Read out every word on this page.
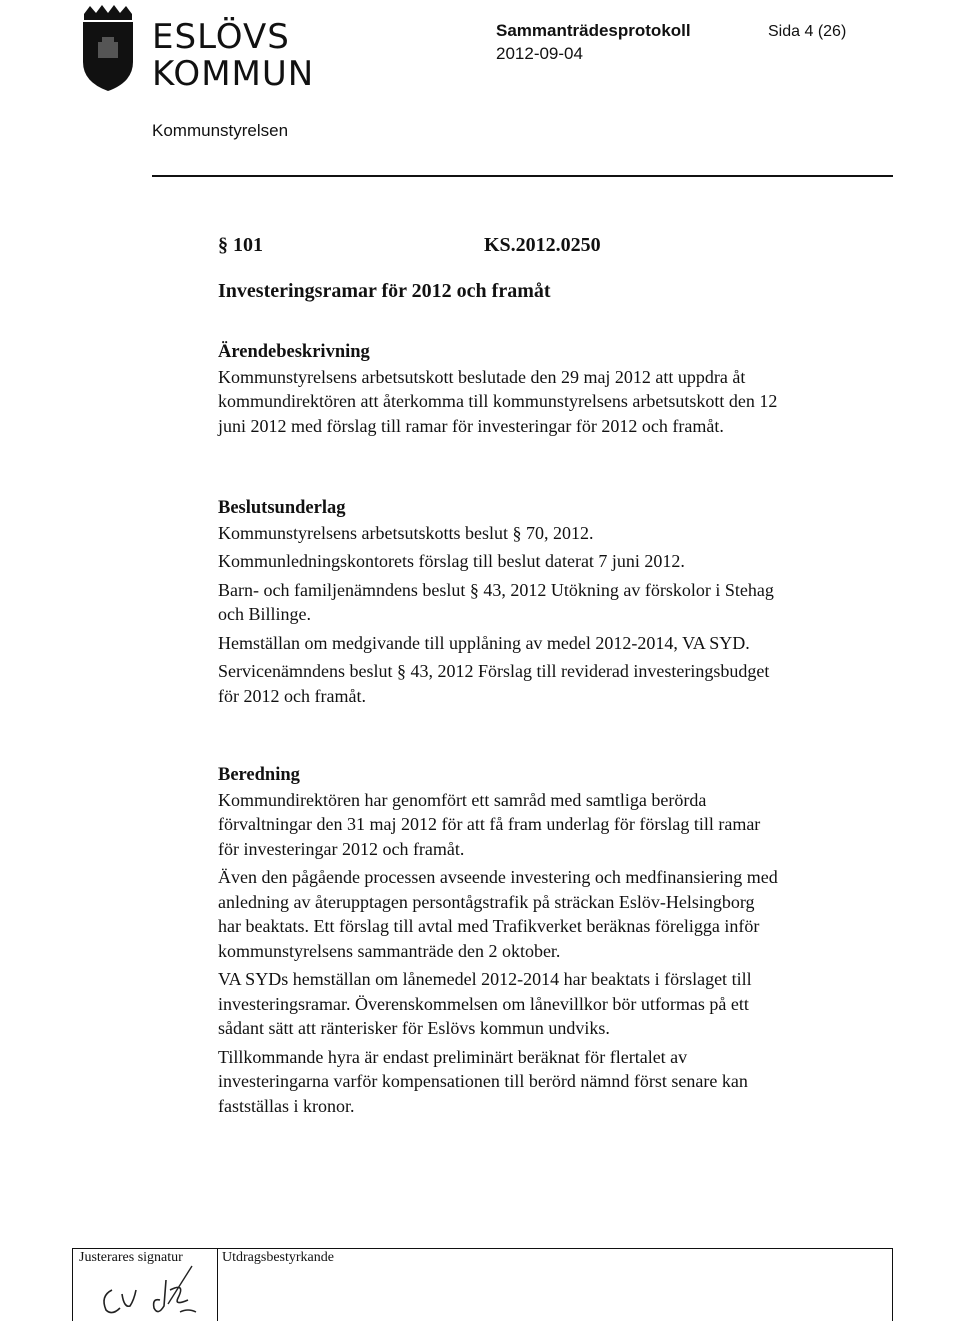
ESLÖVS
KOMMUN
Sammanträdesprotokoll
2012-09-04
Sida 4 (26)
Kommunstyrelsen
§ 101	KS.2012.0250
Investeringsramar för 2012 och framåt
Ärendebeskrivning
Kommunstyrelsens arbetsutskott beslutade den 29 maj 2012 att uppdra åt kommundirektören att återkomma till kommunstyrelsens arbetsutskott den 12 juni 2012 med förslag till ramar för investeringar för 2012 och framåt.
Beslutsunderlag

Kommunstyrelsens arbetsutskotts beslut § 70, 2012.

Kommunledningskontorets förslag till beslut daterat 7 juni 2012.

Barn- och familjenämndens beslut § 43, 2012 Utökning av förskolor i Stehag och Billinge.

Hemställan om medgivande till upplåning av medel 2012-2014, VA SYD.

Servicenämndens beslut § 43, 2012 Förslag till reviderad investeringsbudget för 2012 och framåt.

Beredning

Kommundirektören har genomfört ett samråd med samtliga berörda förvaltningar den 31 maj 2012 för att få fram underlag för förslag till ramar för investeringar 2012 och framåt.

Även den pågående processen avseende investering och medfinansiering med anledning av återupptagen persontågstrafik på sträckan Eslöv-Helsingborg har beaktats. Ett förslag till avtal med Trafikverket beräknas föreligga inför kommunstyrelsens sammanträde den 2 oktober.

VA SYDs hemställan om lånemedel 2012-2014 har beaktats i förslaget till investeringsramar. Överenskommelsen om lånevillkor bör utformas på ett sådant sätt att ränterisker för Eslövs kommun undviks.

Tillkommande hyra är endast preliminärt beräknat för flertalet av investeringarna varför kompensationen till berörd nämnd först senare kan fastställas i kronor.

Justerares signatur	Utdragsbestyrkande
